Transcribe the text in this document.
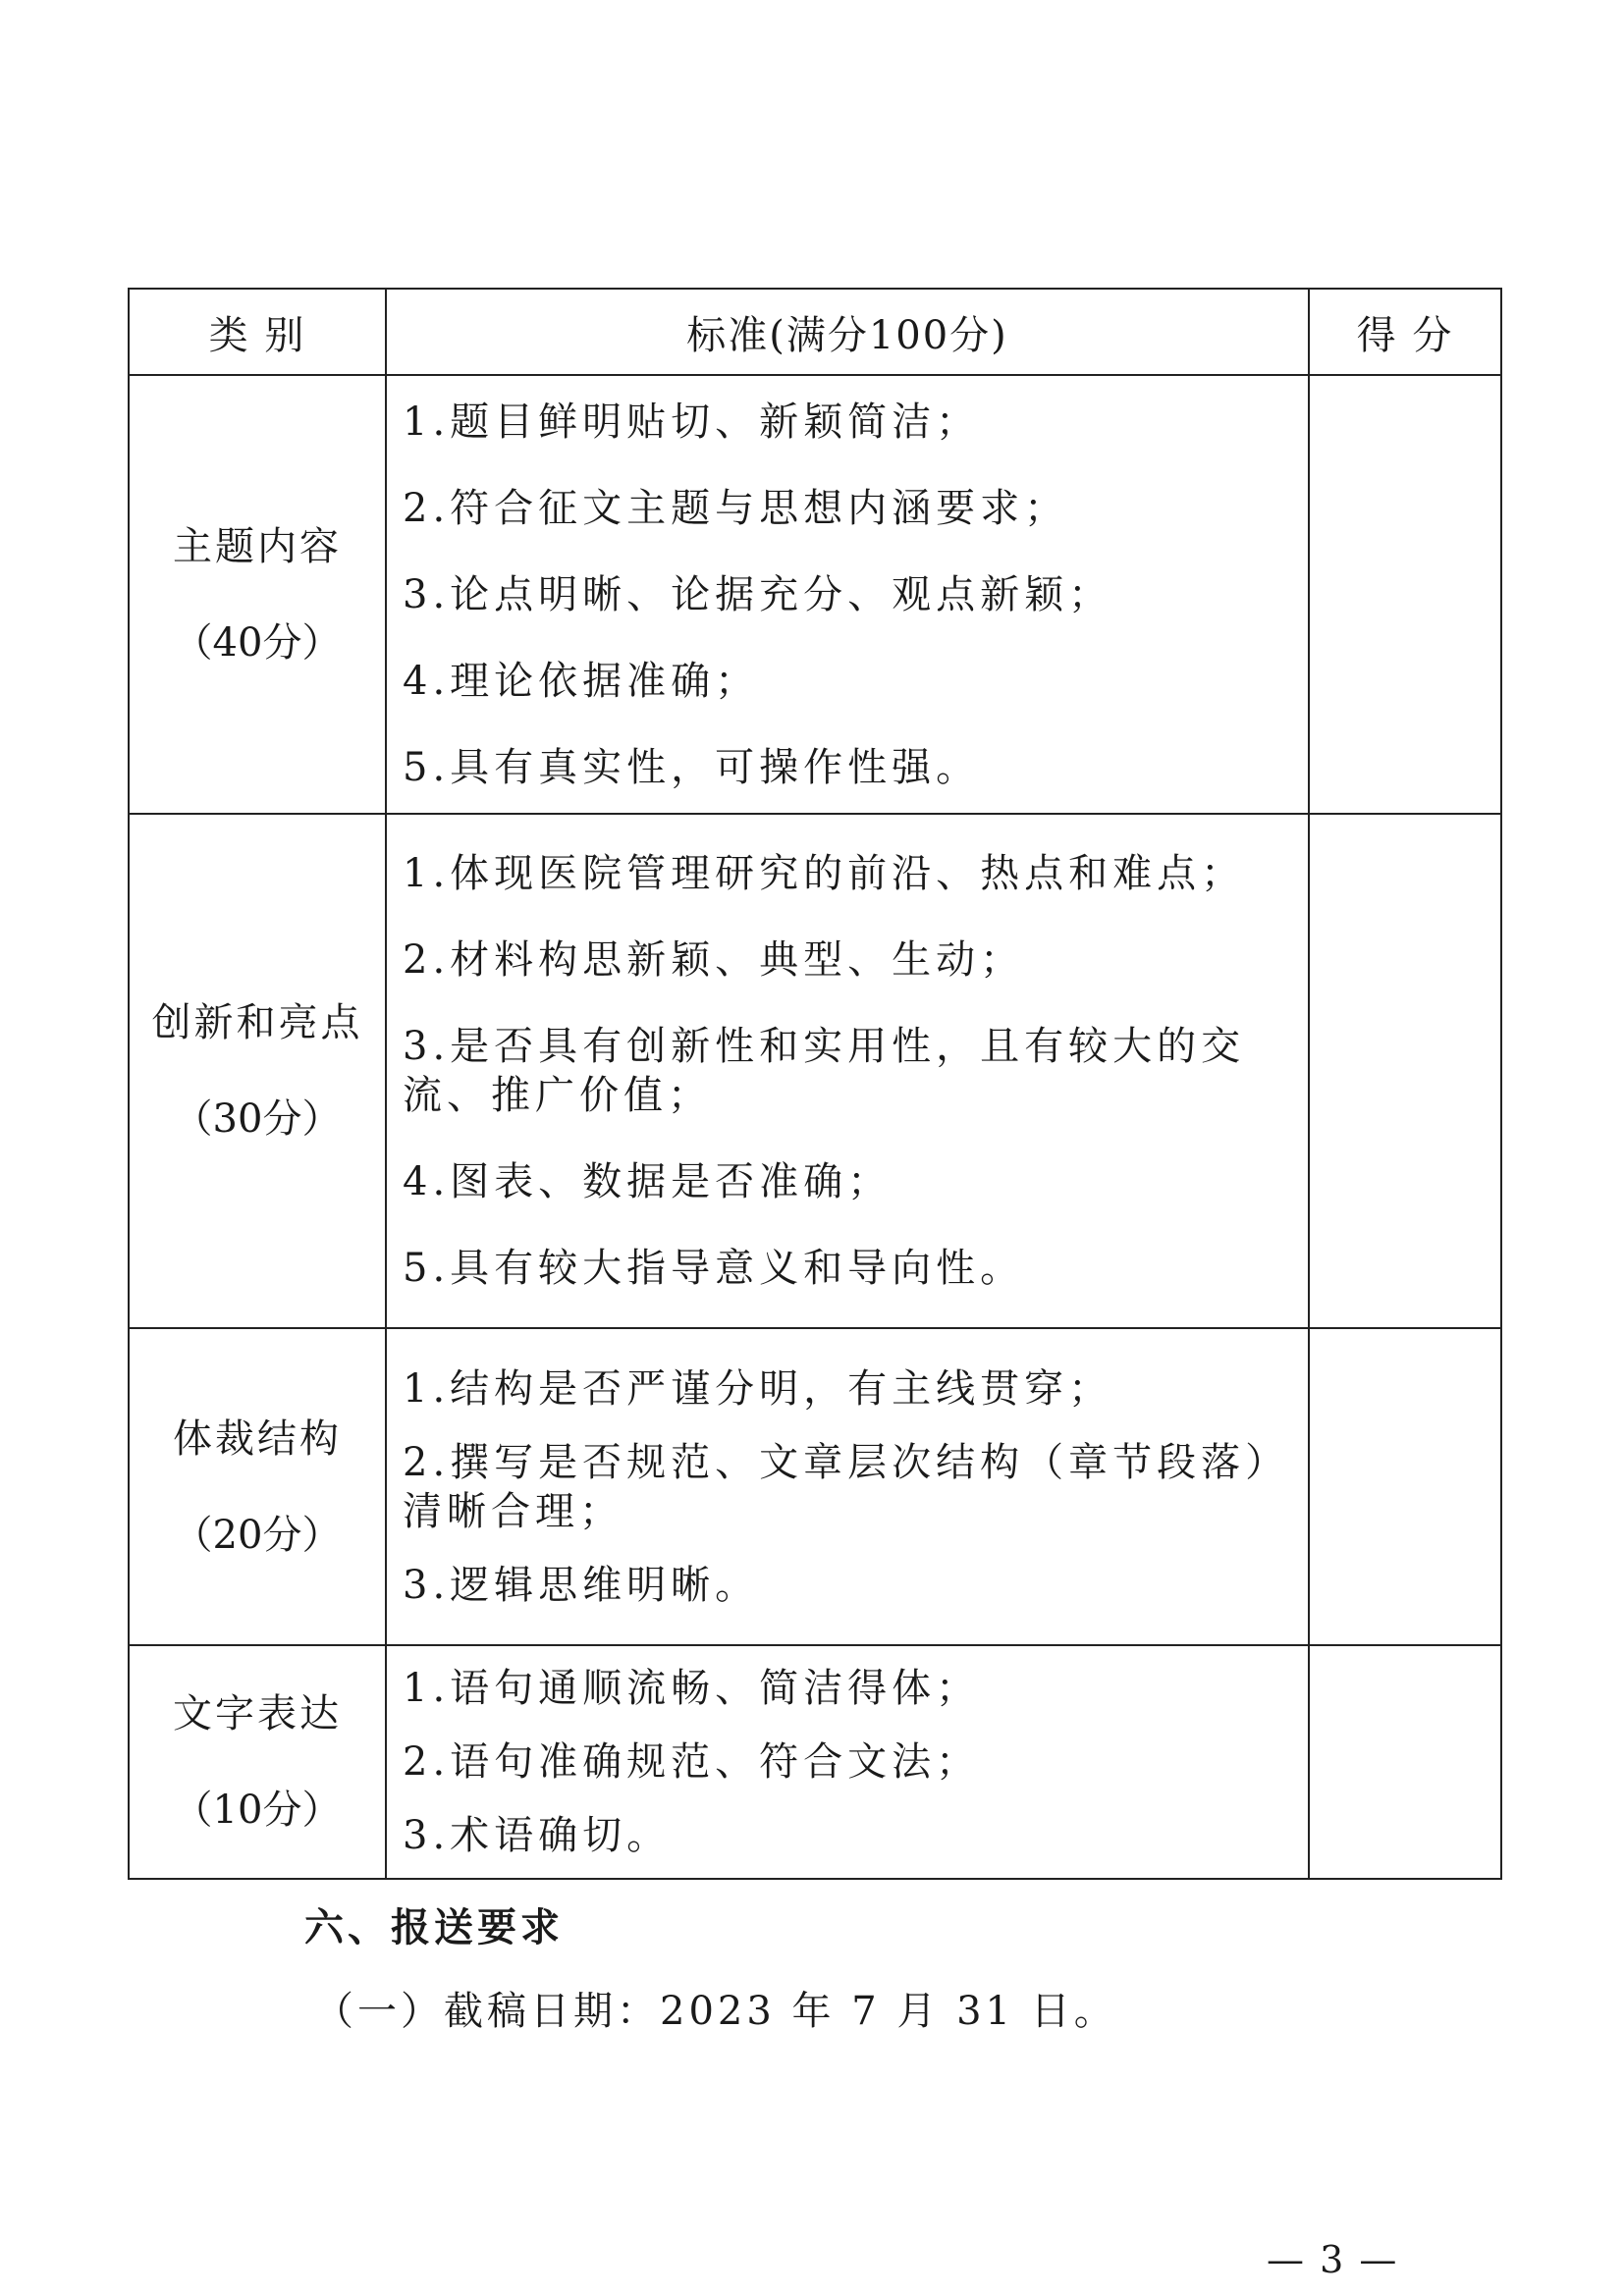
类 别	标准(满分100分)	得 分

主题内容
（40分）	1.题目鲜明贴切、新颖简洁；
2.符合征文主题与思想内涵要求；
3.论点明晰、论据充分、观点新颖；
4.理论依据准确；
5.具有真实性，可操作性强。	

创新和亮点
（30分）	1.体现医院管理研究的前沿、热点和难点；
2.材料构思新颖、典型、生动；
3.是否具有创新性和实用性，且有较大的交流、推广价值；
4.图表、数据是否准确；
5.具有较大指导意义和导向性。	

体裁结构
（20分）	1.结构是否严谨分明，有主线贯穿；
2.撰写是否规范、文章层次结构（章节段落）清晰合理；
3.逻辑思维明晰。	

文字表达
（10分）	1.语句通顺流畅、简洁得体；
2.语句准确规范、符合文法；
3.术语确切。	

六、报送要求

（一）截稿日期：2023 年 7 月 31 日。

— 3 —
